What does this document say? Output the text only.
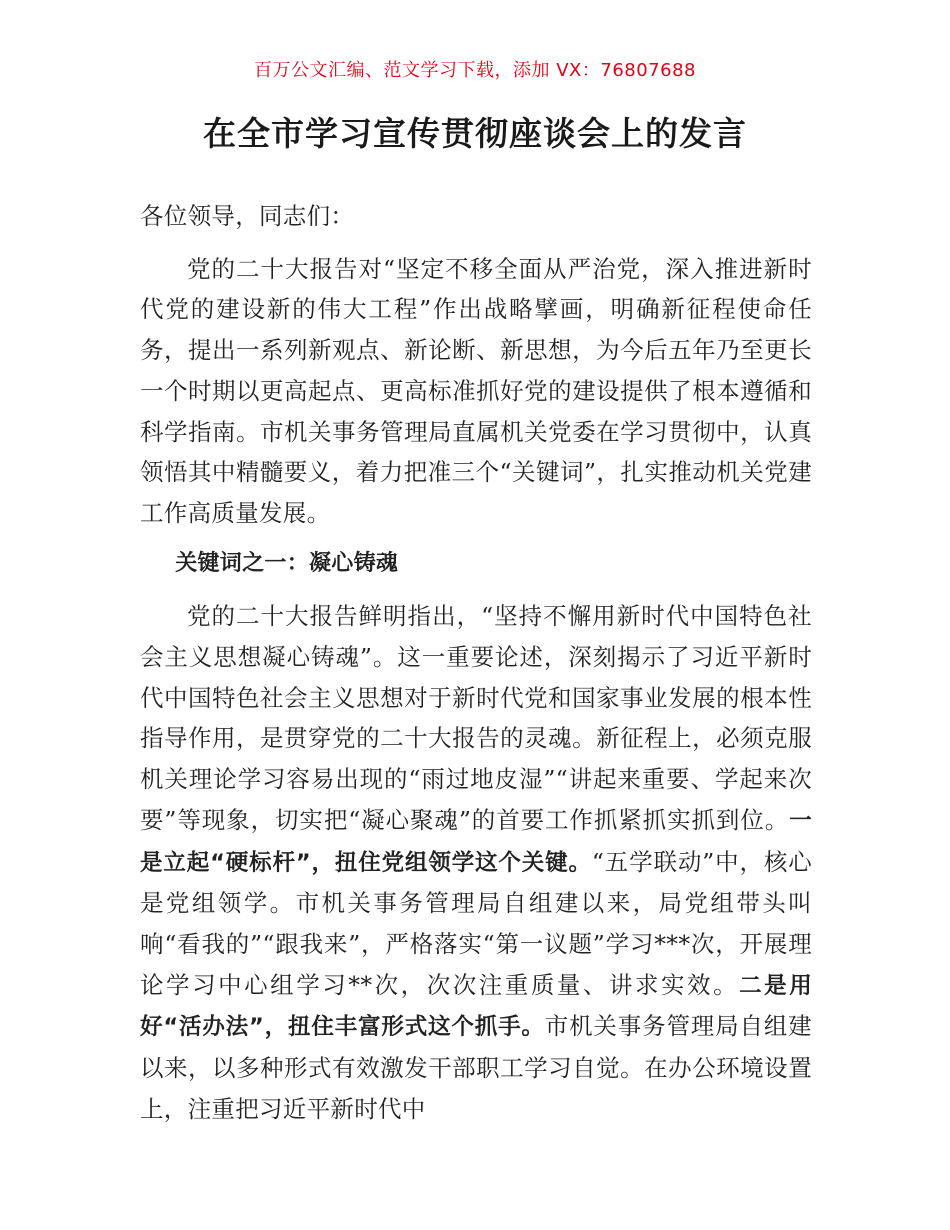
百万公文汇编、范文学习下载，添加 VX：76807688
在全市学习宣传贯彻座谈会上的发言

各位领导，同志们：

党的二十大报告对“坚定不移全面从严治党，深入推进新时代党的建设新的伟大工程”作出战略擘画，明确新征程使命任务，提出一系列新观点、新论断、新思想，为今后五年乃至更长一个时期以更高起点、更高标准抓好党的建设提供了根本遵循和科学指南。市机关事务管理局直属机关党委在学习贯彻中，认真领悟其中精髓要义，着力把准三个“关键词”，扎实推动机关党建工作高质量发展。

关键词之一：凝心铸魂

党的二十大报告鲜明指出，“坚持不懈用新时代中国特色社会主义思想凝心铸魂”。这一重要论述，深刻揭示了习近平新时代中国特色社会主义思想对于新时代党和国家事业发展的根本性指导作用，是贯穿党的二十大报告的灵魂。新征程上，必须克服机关理论学习容易出现的“雨过地皮湿”“讲起来重要、学起来次要”等现象，切实把“凝心聚魂”的首要工作抓紧抓实抓到位。一是立起“硬标杆”，扭住党组领学这个关键。“五学联动”中，核心是党组领学。市机关事务管理局自组建以来，局党组带头叫响“看我的”“跟我来”，严格落实“第一议题”学习***次，开展理论学习中心组学习**次，次次注重质量、讲求实效。二是用好“活办法”，扭住丰富形式这个抓手。市机关事务管理局自组建以来，以多种形式有效激发干部职工学习自觉。在办公环境设置上，注重把习近平新时代中
